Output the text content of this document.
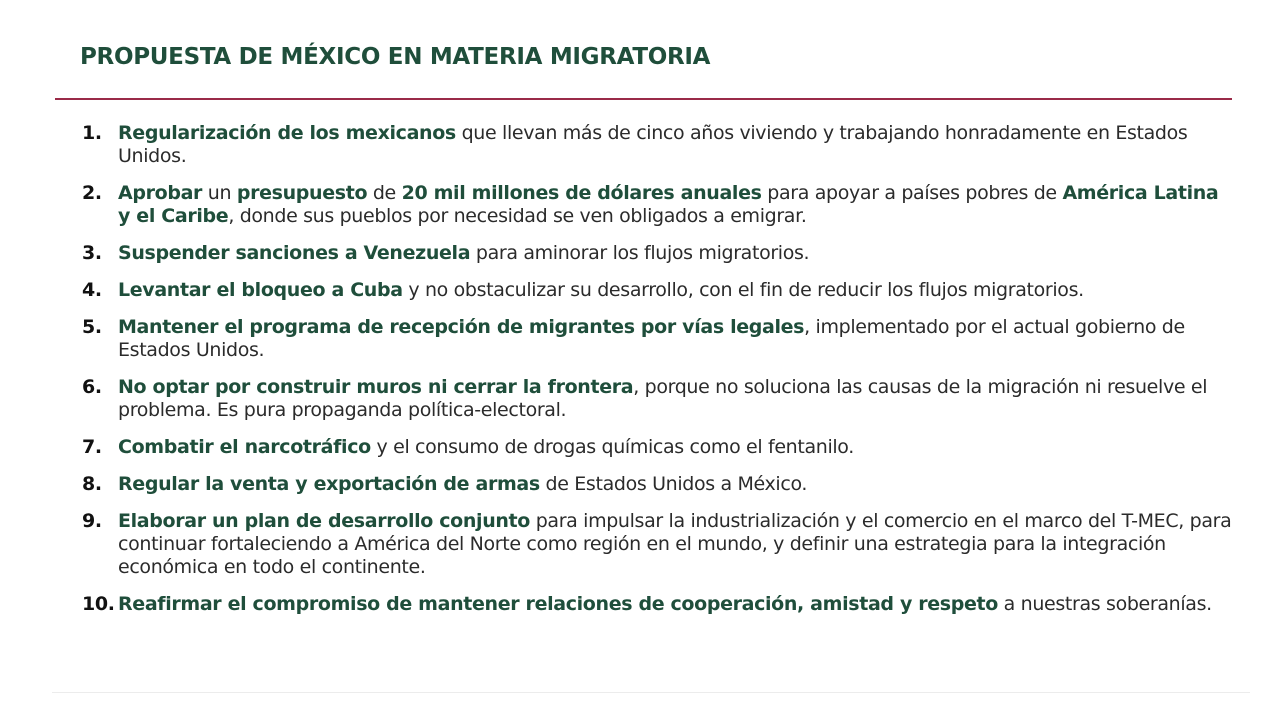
PROPUESTA DE MÉXICO EN MATERIA MIGRATORIA
1. Regularización de los mexicanos que llevan más de cinco años viviendo y trabajando honradamente en Estados Unidos.
2. Aprobar un presupuesto de 20 mil millones de dólares anuales para apoyar a países pobres de América Latina y el Caribe, donde sus pueblos por necesidad se ven obligados a emigrar.
3. Suspender sanciones a Venezuela para aminorar los flujos migratorios.
4. Levantar el bloqueo a Cuba y no obstaculizar su desarrollo, con el fin de reducir los flujos migratorios.
5. Mantener el programa de recepción de migrantes por vías legales, implementado por el actual gobierno de Estados Unidos.
6. No optar por construir muros ni cerrar la frontera, porque no soluciona las causas de la migración ni resuelve el problema. Es pura propaganda política-electoral.
7. Combatir el narcotráfico y el consumo de drogas químicas como el fentanilo.
8. Regular la venta y exportación de armas de Estados Unidos a México.
9. Elaborar un plan de desarrollo conjunto para impulsar la industrialización y el comercio en el marco del T-MEC, para continuar fortaleciendo a América del Norte como región en el mundo, y definir una estrategia para la integración económica en todo el continente.
10. Reafirmar el compromiso de mantener relaciones de cooperación, amistad y respeto a nuestras soberanías.
